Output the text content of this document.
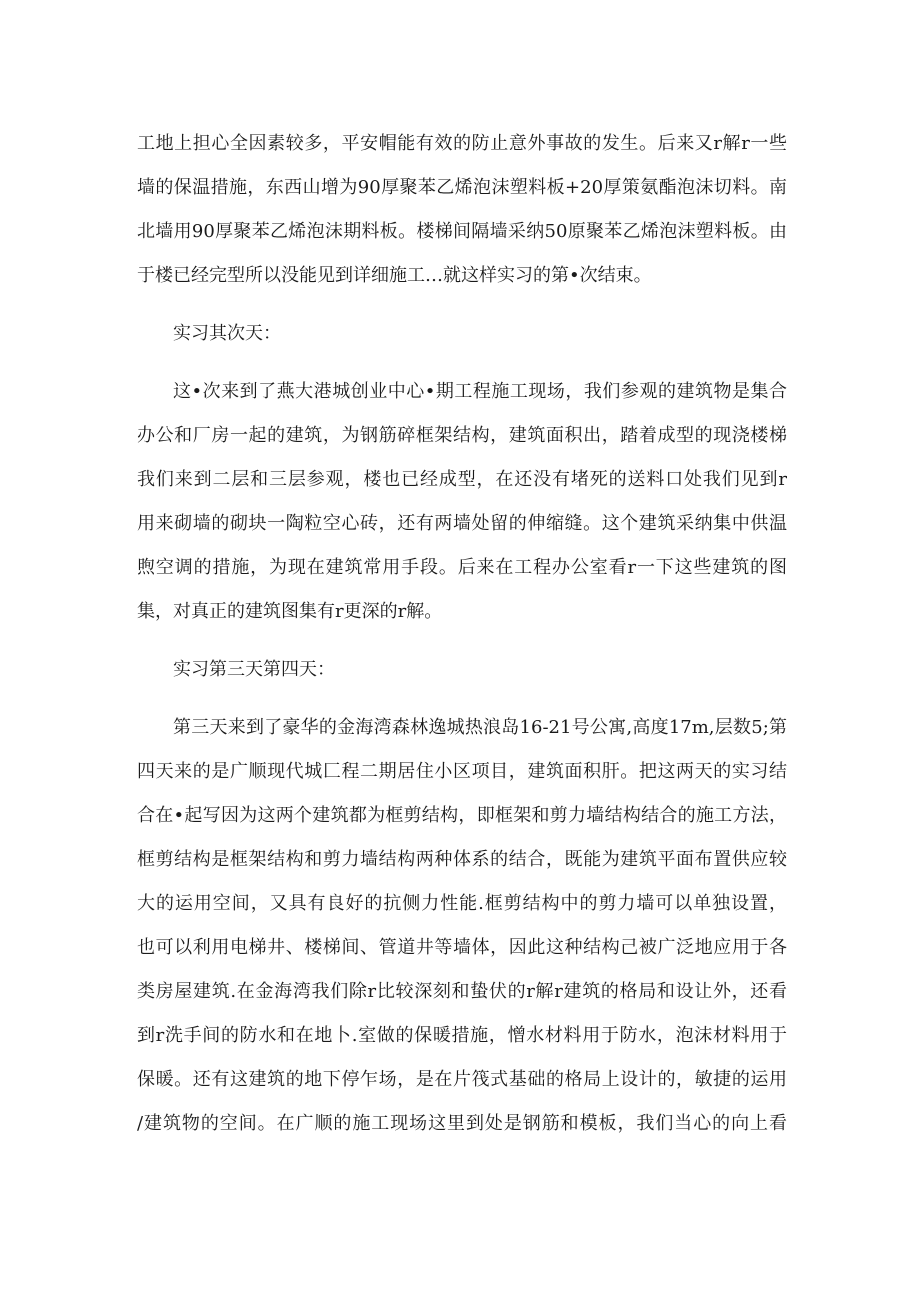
工地上担心全因素较多，平安帽能有效的防止意外事故的发生。后来又r解r一些
墙的保温措施，东西山增为90厚聚苯乙烯泡沫塑料板+20厚策氨酯泡沫切料。南
北墙用90厚聚苯乙烯泡沫期料板。楼梯间隔墙采纳50原聚苯乙烯泡沫塑料板。由
于楼已经完型所以没能见到详细施工…就这样实习的第•次结束。
实习其次天：
这•次来到了燕大港城创业中心•期工程施工现场，我们参观的建筑物是集合
办公和厂房一起的建筑，为钢筋碎框架结构，建筑面积出，踏着成型的现浇楼梯
我们来到二层和三层参观，楼也已经成型，在还没有堵死的送料口处我们见到r
用来砌墙的砌块一陶粒空心砖，还有两墙处留的伸缩缝。这个建筑采纳集中供温
煦空调的措施，为现在建筑常用手段。后来在工程办公室看r一下这些建筑的图
集，对真正的建筑图集有r更深的r解。
实习第三天第四天：
第三天来到了豪华的金海湾森林逸城热浪岛16-21号公寓,高度17m,层数5;第
四天来的是广顺现代城匚程二期居住小区项目，建筑面积肝。把这两天的实习结
合在•起写因为这两个建筑都为框剪结构，即框架和剪力墙结构结合的施工方法，
框剪结构是框架结构和剪力墙结构两种体系的结合，既能为建筑平面布置供应较
大的运用空间，又具有良好的抗侧力性能.框剪结构中的剪力墙可以单独设置，
也可以利用电梯井、楼梯间、管道井等墙体，因此这种结构己被广泛地应用于各
类房屋建筑.在金海湾我们除r比较深刻和蛰伏的r解r建筑的格局和设让外，还看
到r洗手间的防水和在地卜.室做的保暖措施，憎水材料用于防水，泡沫材料用于
保暖。还有这建筑的地下停乍场，是在片筏式基础的格局上设计的，敏捷的运用
/建筑物的空间。在广顺的施工现场这里到处是钢筋和模板，我们当心的向上看
